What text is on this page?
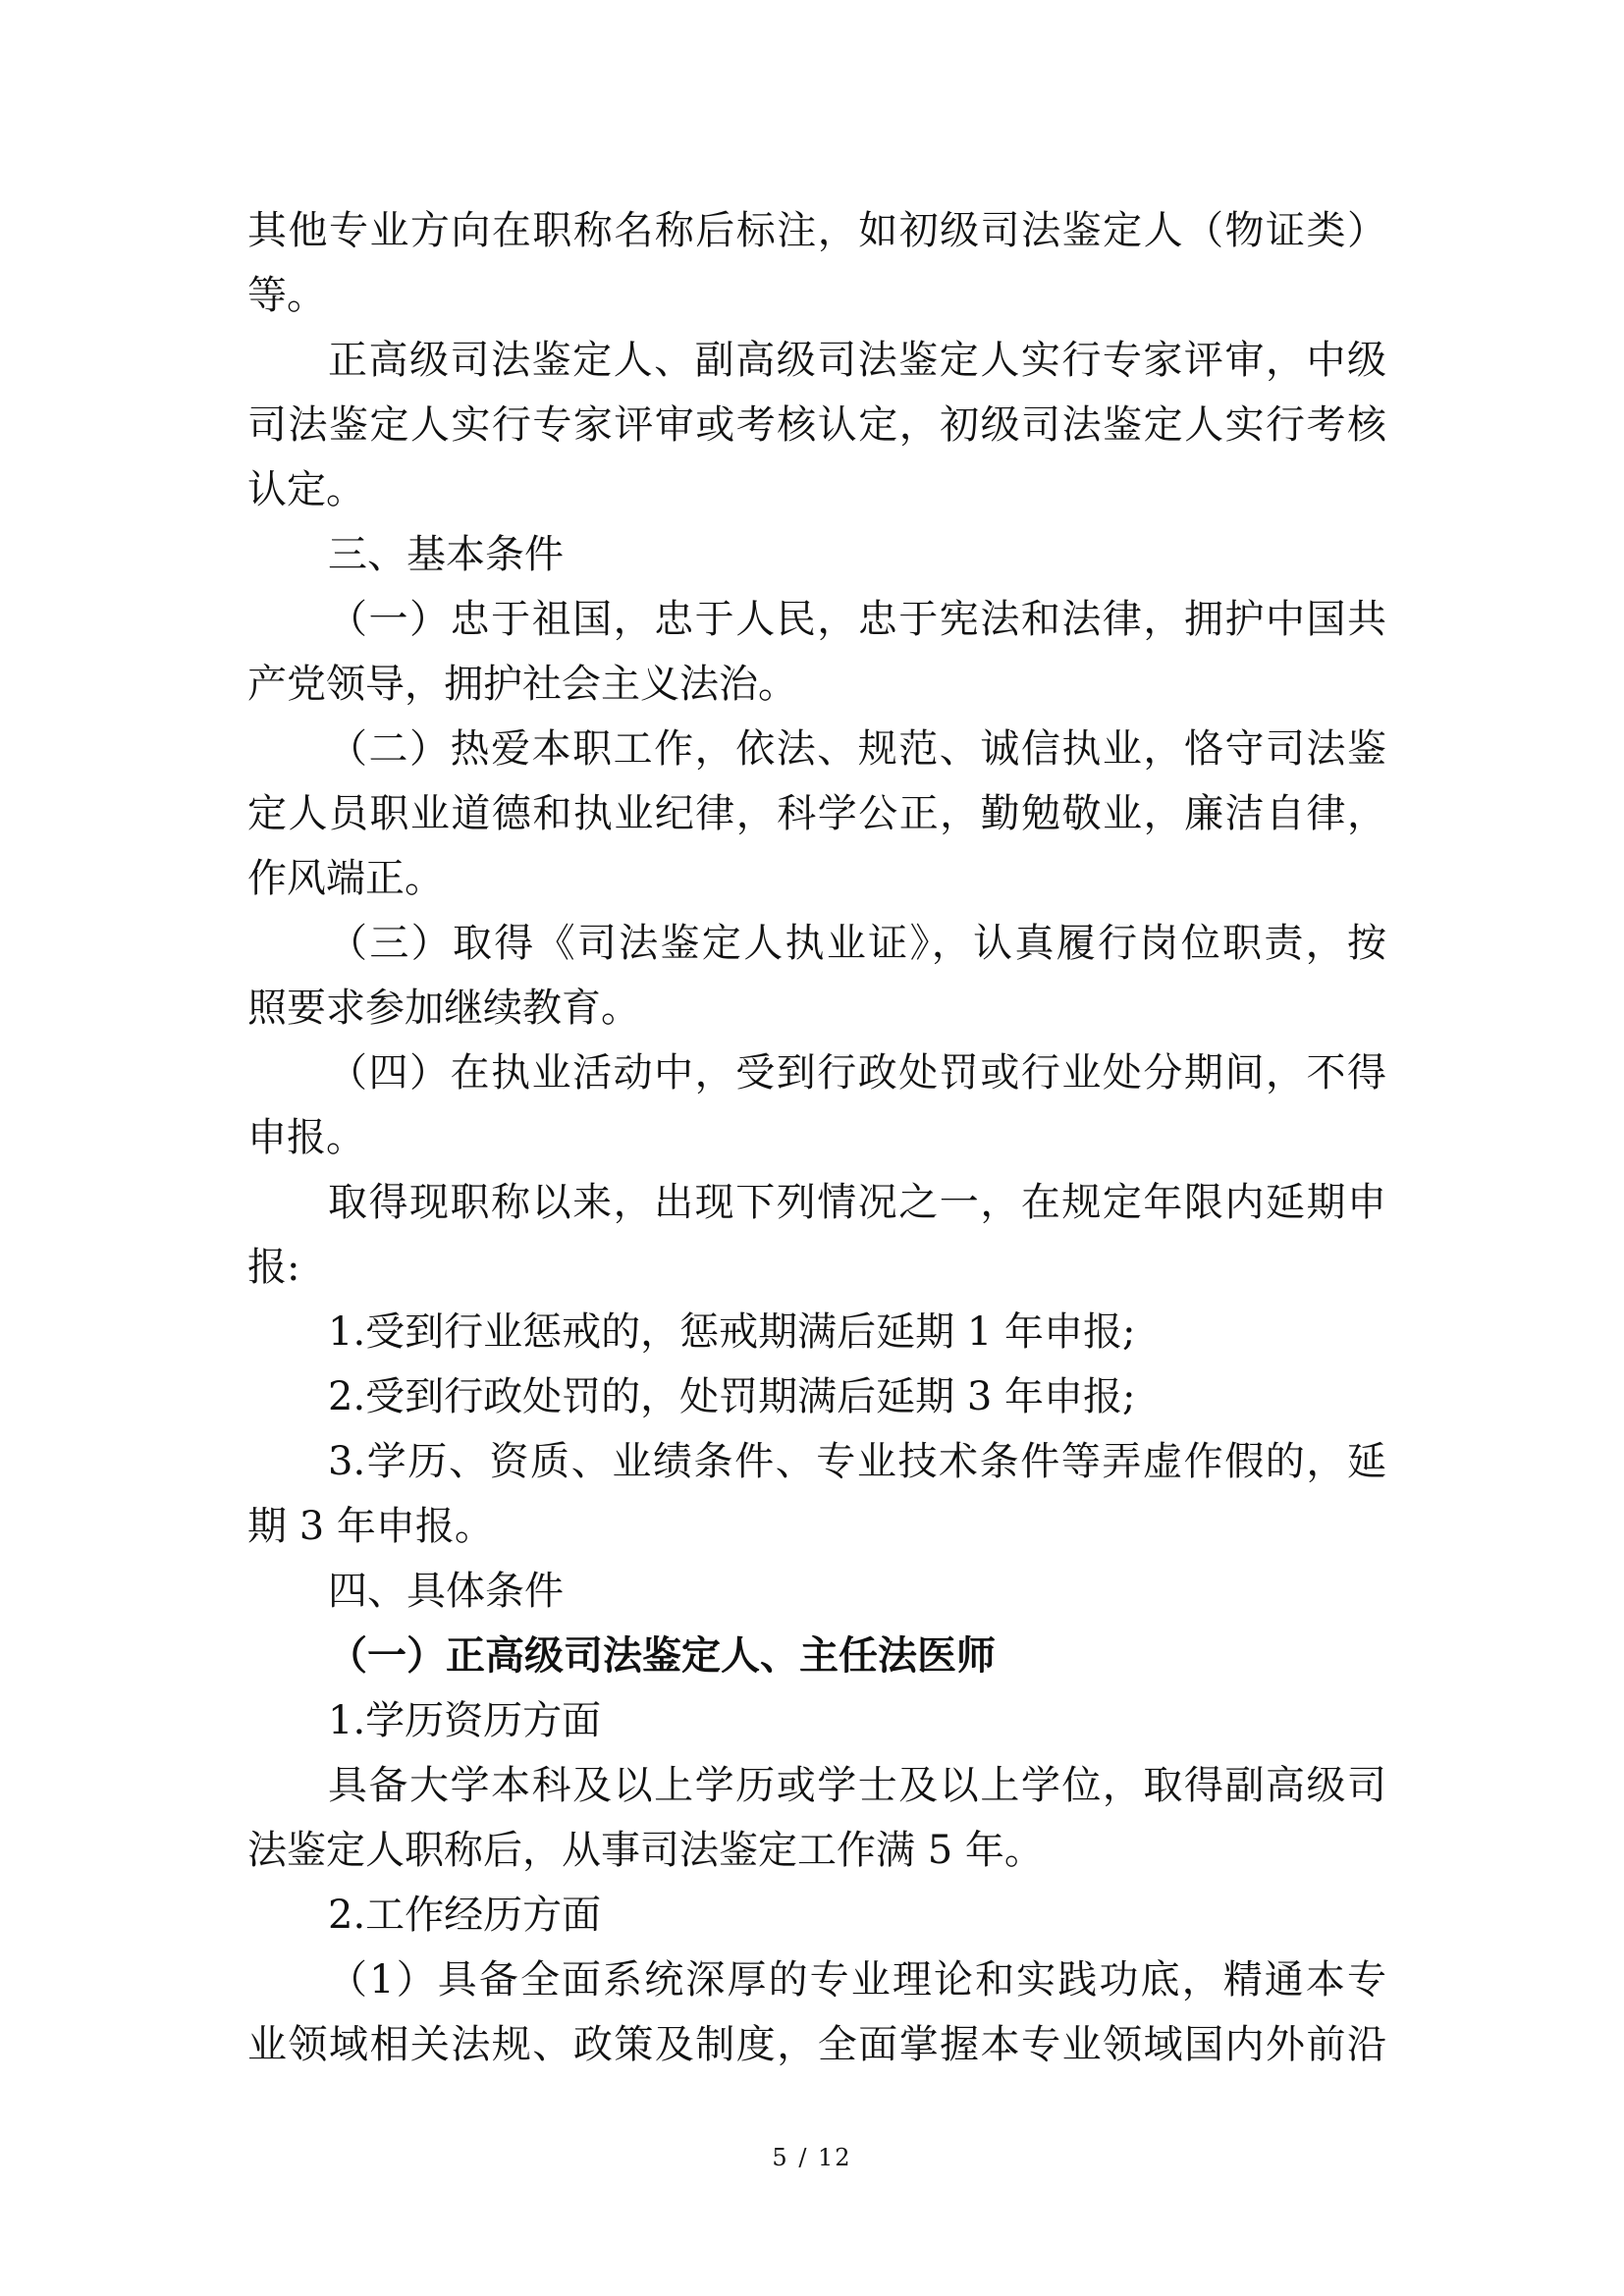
其他专业方向在职称名称后标注，如初级司法鉴定人（物证类）

等。

正高级司法鉴定人、副高级司法鉴定人实行专家评审，中级

司法鉴定人实行专家评审或考核认定，初级司法鉴定人实行考核

认定。

三、基本条件

（一）忠于祖国，忠于人民，忠于宪法和法律，拥护中国共

产党领导，拥护社会主义法治。

（二）热爱本职工作，依法、规范、诚信执业，恪守司法鉴

定人员职业道德和执业纪律，科学公正，勤勉敬业，廉洁自律，

作风端正。

（三）取得《司法鉴定人执业证》，认真履行岗位职责，按

照要求参加继续教育。

（四）在执业活动中，受到行政处罚或行业处分期间，不得

申报。

取得现职称以来，出现下列情况之一，在规定年限内延期申

报:

1.受到行业惩戒的，惩戒期满后延期 1 年申报;

2.受到行政处罚的，处罚期满后延期 3 年申报;

3.学历、资质、业绩条件、专业技术条件等弄虚作假的，延

期 3 年申报。

四、具体条件

（一）正高级司法鉴定人、主任法医师

1.学历资历方面

具备大学本科及以上学历或学士及以上学位，取得副高级司

法鉴定人职称后，从事司法鉴定工作满 5 年。

2.工作经历方面

（1）具备全面系统深厚的专业理论和实践功底，精通本专

业领域相关法规、政策及制度，全面掌握本专业领域国内外前沿

5 / 12
